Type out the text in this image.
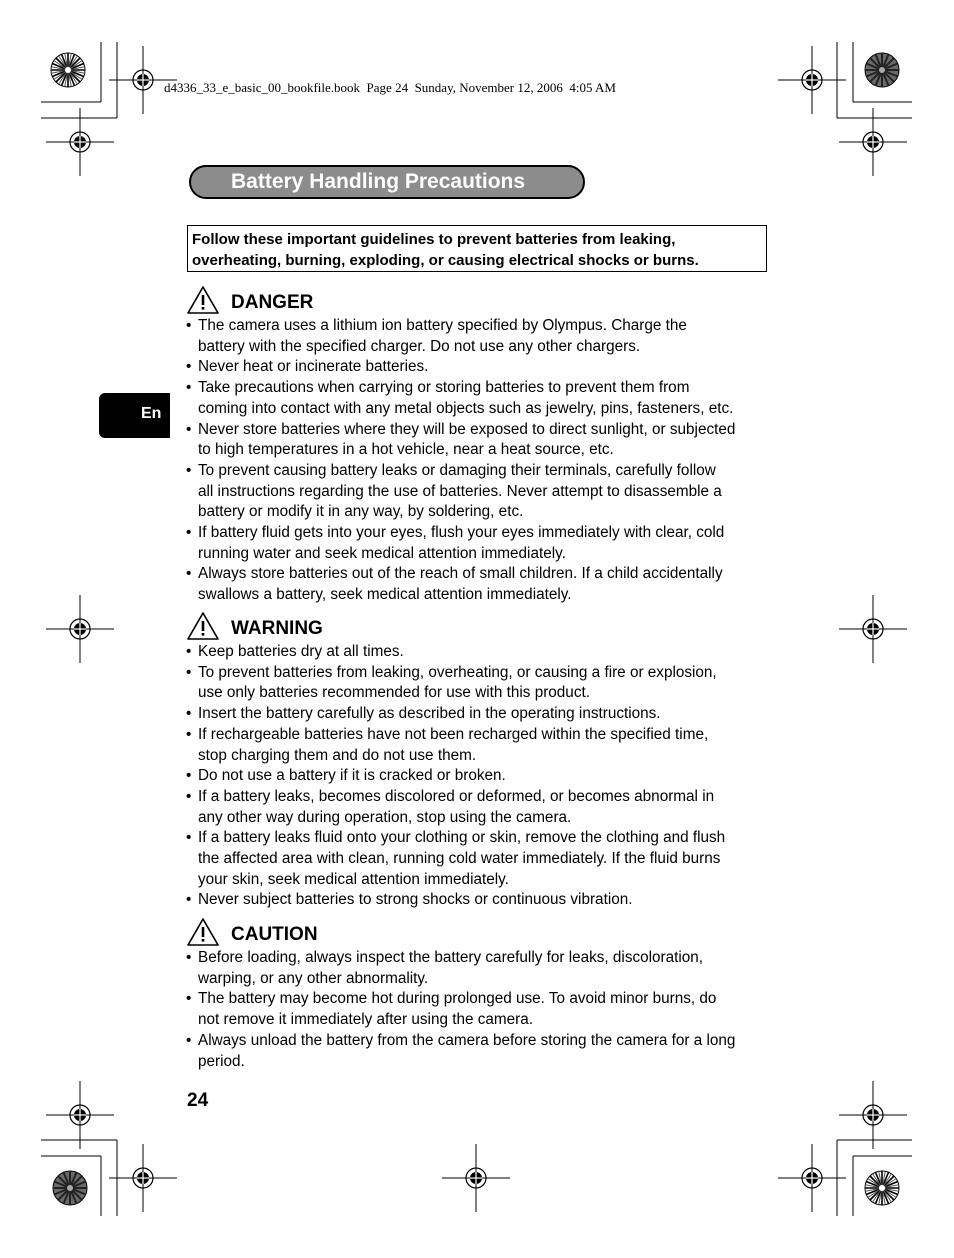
d4336_33_e_basic_00_bookfile.book  Page 24  Sunday, November 12, 2006  4:05 AM
Battery Handling Precautions
Follow these important guidelines to prevent batteries from leaking,
overheating, burning, exploding, or causing electrical shocks or burns.
En
DANGER
• The camera uses a lithium ion battery specified by Olympus. Charge the
battery with the specified charger. Do not use any other chargers.
• Never heat or incinerate batteries.
• Take precautions when carrying or storing batteries to prevent them from
coming into contact with any metal objects such as jewelry, pins, fasteners, etc.
• Never store batteries where they will be exposed to direct sunlight, or subjected
to high temperatures in a hot vehicle, near a heat source, etc.
• To prevent causing battery leaks or damaging their terminals, carefully follow
all instructions regarding the use of batteries. Never attempt to disassemble a
battery or modify it in any way, by soldering, etc.
• If battery fluid gets into your eyes, flush your eyes immediately with clear, cold
running water and seek medical attention immediately.
• Always store batteries out of the reach of small children. If a child accidentally
swallows a battery, seek medical attention immediately.
WARNING
• Keep batteries dry at all times.
• To prevent batteries from leaking, overheating, or causing a fire or explosion,
use only batteries recommended for use with this product.
• Insert the battery carefully as described in the operating instructions.
• If rechargeable batteries have not been recharged within the specified time,
stop charging them and do not use them.
• Do not use a battery if it is cracked or broken.
• If a battery leaks, becomes discolored or deformed, or becomes abnormal in
any other way during operation, stop using the camera.
• If a battery leaks fluid onto your clothing or skin, remove the clothing and flush
the affected area with clean, running cold water immediately. If the fluid burns
your skin, seek medical attention immediately.
• Never subject batteries to strong shocks or continuous vibration.
CAUTION
• Before loading, always inspect the battery carefully for leaks, discoloration,
warping, or any other abnormality.
• The battery may become hot during prolonged use. To avoid minor burns, do
not remove it immediately after using the camera.
• Always unload the battery from the camera before storing the camera for a long
period.
24
